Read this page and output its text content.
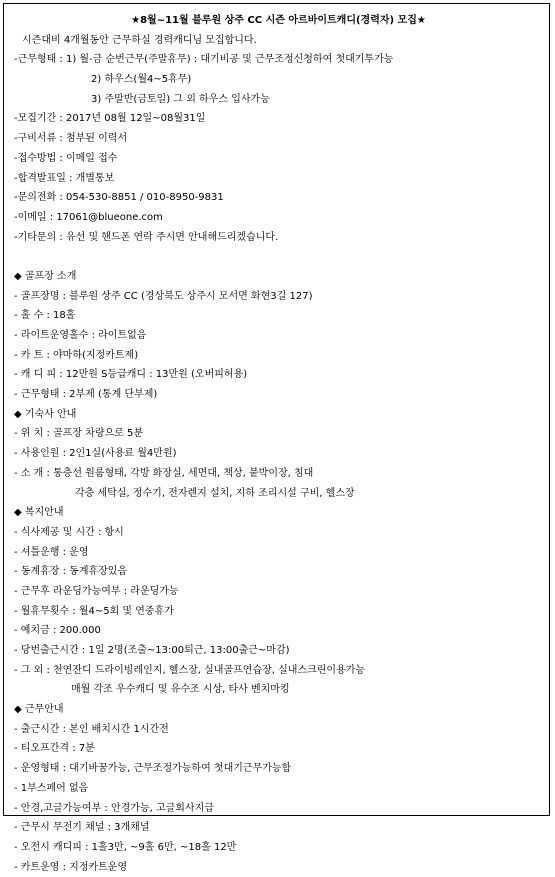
★8월~11월 블루원 상주 CC 시즌 아르바이트캐디(경력자) 모집★
시즌대비 4개월동안 근무하실 경력캐디님 모집합니다.
-근무형태 : 1) 월-금 순번근무(주말휴무) : 대기비공 및 근무조정신청하여 첫대기투가능
2) 하우스(월4~5휴무)
3) 주말반(금토일) 그 외 하우스 입사가능
-모집기간 : 2017년 08월 12일~08월31일
-구비서류 : 첨부된 이력서
-접수방법 : 이메일 접수
-합격발표일 : 개별통보
-문의전화 : 054-530-8851 / 010-8950-9831
-이메일 : 17061@blueone.com
-기타문의 : 유선 및 핸드폰 연락 주시면 안내해드리겠습니다.
◆ 골프장 소개
- 골프장명 : 블루원 상주 CC (경상북도 상주시 모서면 화현3길 127)
- 홀 수 : 18홀
- 라이트운영홀수 : 라이트없음
- 카 트 : 야마하(지정카트제)
- 캐 디 피 : 12만원 S등급캐디 : 13만원 (오버피허용)
- 근무형태 : 2부제 (통계 단부제)
◆ 기숙사 안내
- 위 치 : 골프장 차량으로 5분
- 사용인원 : 2인1실(사용료 월4만원)
- 소 개 : 통층선 원룸형태, 각방 화장실, 세면대, 책상, 붙박이장, 침대
각층 세탁실, 정수기, 전자렌지 설치, 지하 조리시설 구비, 헬스장
◆ 복지안내
- 식사제공 및 시간 : 항시
- 셔틀운행 : 운영
- 동계휴장 : 동계휴장있음
- 근무후 라운딩가능여부 : 라운딩가능
- 월휴무횟수 : 월4~5회 및 연중휴가
- 예치금 : 200.000
- 당번출근시간 : 1일 2명(조출~13:00퇴근, 13:00출근~마감)
- 그 외 : 천연잔디 드라이빙레인지, 헬스장, 실내골프연습장, 실내스크린이용가능
매월 각조 우수캐디 및 유수조 시상, 타사 벤치마킹
◆ 근무안내
- 출근시간 : 본인 배치시간 1시간전
- 티오프간격 : 7분
- 운영형태 : 대기바꿈가능, 근무조정가능하여 첫대기근무가능함
- 1부스페어 없음
- 안경,고글가능여부 : 안경가능, 고글회사지급
- 근무시 무전기 채널 : 3개채널
- 오전시 캐디피 : 1홀3만, ~9홀 6만, ~18홀 12만
- 카트운영 : 지정카트운영
